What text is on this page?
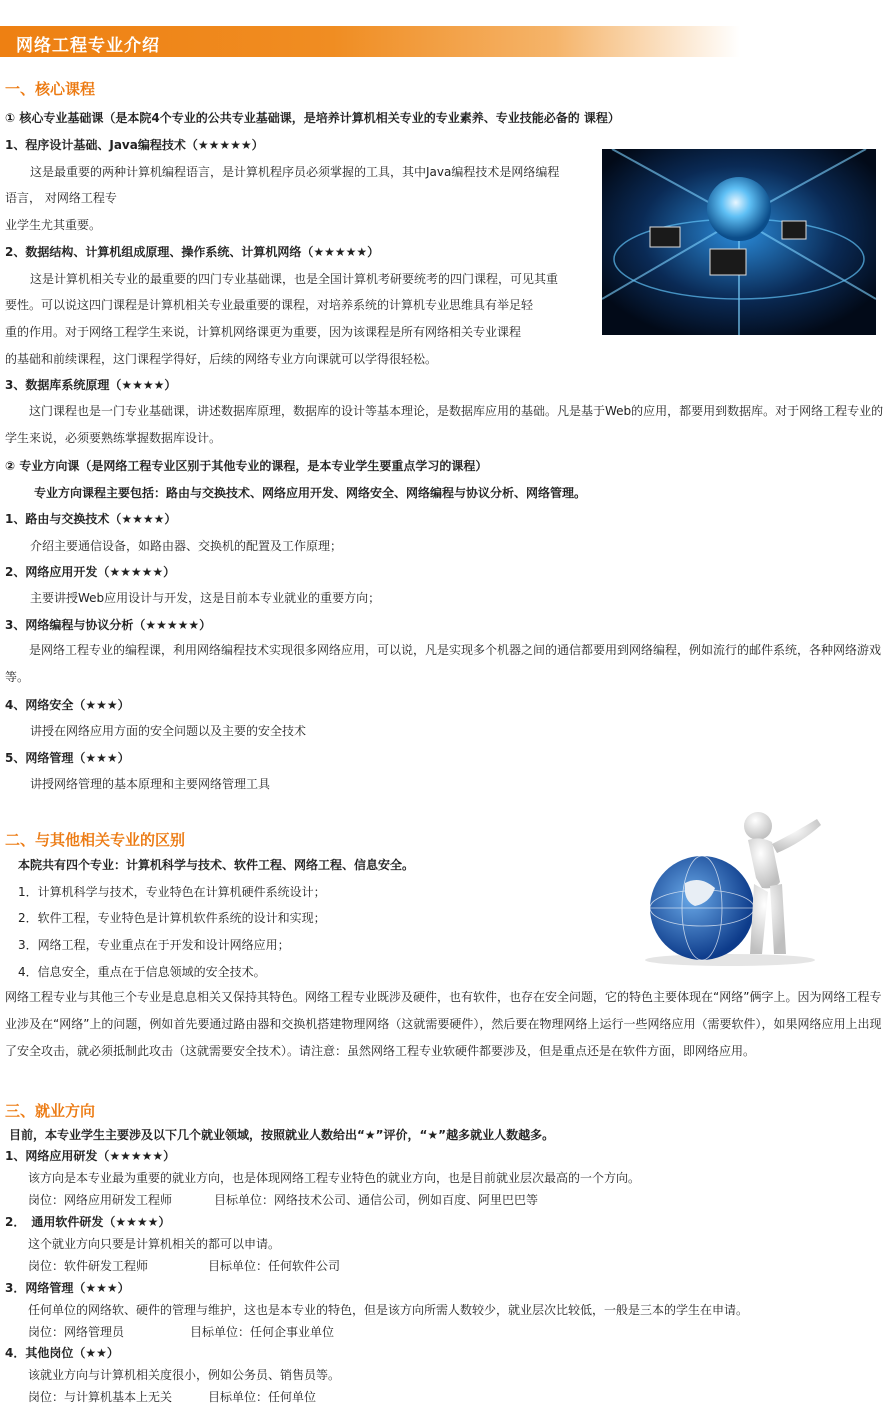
网络工程专业介绍
一、核心课程
① 核心专业基础课（是本院4个专业的公共专业基础课，是培养计算机相关专业的专业素养、专业技能必备的 课程）
1、程序设计基础、Java编程技术（★★★★★）
这是最重要的两种计算机编程语言，是计算机程序员必须掌握的工具，其中Java编程技术是网络编程
语言， 对网络工程专
业学生尤其重要。
2、数据结构、计算机组成原理、操作系统、计算机网络（★★★★★）
这是计算机相关专业的最重要的四门专业基础课，也是全国计算机考研要统考的四门课程，可见其重
要性。可以说这四门课程是计算机相关专业最重要的课程，对培养系统的计算机专业思维具有举足轻
重的作用。对于网络工程学生来说，计算机网络课更为重要，因为该课程是所有网络相关专业课程
的基础和前续课程，这门课程学得好，后续的网络专业方向课就可以学得很轻松。
3、数据库系统原理（★★★★）
这门课程也是一门专业基础课，讲述数据库原理，数据库的设计等基本理论，是数据库应用的基础。凡是基于Web的应用，都要用到数据库。对于网络工程专业的学生来说，必须要熟练掌握数据库设计。
② 专业方向课（是网络工程专业区别于其他专业的课程，是本专业学生要重点学习的课程）
专业方向课程主要包括：路由与交换技术、网络应用开发、网络安全、网络编程与协议分析、网络管理。
1、路由与交换技术（★★★★）
介绍主要通信设备，如路由器、交换机的配置及工作原理；
2、网络应用开发（★★★★★）
主要讲授Web应用设计与开发，这是目前本专业就业的重要方向；
3、网络编程与协议分析（★★★★★）
是网络工程专业的编程课，利用网络编程技术实现很多网络应用，可以说，凡是实现多个机器之间的通信都要用到网络编程，例如流行的邮件系统，各种网络游戏等。
4、网络安全（★★★）
讲授在网络应用方面的安全问题以及主要的安全技术
5、网络管理（★★★）
讲授网络管理的基本原理和主要网络管理工具
二、与其他相关专业的区别
本院共有四个专业：计算机科学与技术、软件工程、网络工程、信息安全。
1．计算机科学与技术，专业特色在计算机硬件系统设计；
2．软件工程，专业特色是计算机软件系统的设计和实现；
3．网络工程，专业重点在于开发和设计网络应用；
4．信息安全，重点在于信息领域的安全技术。
网络工程专业与其他三个专业是息息相关又保持其特色。网络工程专业既涉及硬件，也有软件，也存在安全问题，它的特色主要体现在“网络”俩字上。因为网络工程专业涉及在“网络”上的问题，例如首先要通过路由器和交换机搭建物理网络（这就需要硬件），然后要在物理网络上运行一些网络应用（需要软件），如果网络应用上出现了安全攻击，就必须抵制此攻击（这就需要安全技术）。请注意：虽然网络工程专业软硬件都要涉及，但是重点还是在软件方面，即网络应用。
三、就业方向
目前，本专业学生主要涉及以下几个就业领域，按照就业人数给出“★”评价，“★”越多就业人数越多。
1、网络应用研发（★★★★★）
该方向是本专业最为重要的就业方向，也是体现网络工程专业特色的就业方向，也是目前就业层次最高的一个方向。
岗位：网络应用研发工程师	目标单位：网络技术公司、通信公司，例如百度、阿里巴巴等
2．　通用软件研发（★★★★）
这个就业方向只要是计算机相关的都可以申请。
岗位：软件研发工程师	目标单位：任何软件公司
3．网络管理（★★★）
任何单位的网络软、硬件的管理与维护，这也是本专业的特色，但是该方向所需人数较少，就业层次比较低，一般是三本的学生在申请。
岗位：网络管理员	目标单位：任何企事业单位
4．其他岗位（★★）
该就业方向与计算机相关度很小，例如公务员、销售员等。
岗位：与计算机基本上无关	目标单位：任何单位
